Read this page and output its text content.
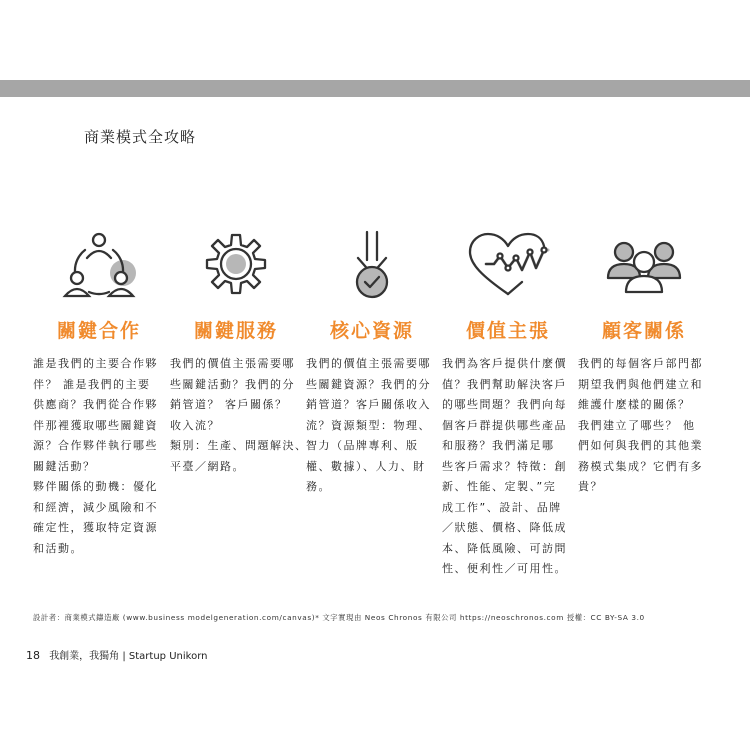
商業模式全攻略
關鍵合作
誰是我們的主要合作夥
伴？ 誰是我們的主要
供應商？我們從合作夥
伴那裡獲取哪些關鍵資
源？合作夥伴執行哪些
關鍵活動？
夥伴關係的動機：優化
和經濟，減少風險和不
確定性，獲取特定資源
和活動。
關鍵服務
我們的價值主張需要哪
些關鍵活動？我們的分
銷管道？ 客戶關係？
收入流？
類別：生產、問題解決、
平臺／網路。
核心資源
我們的價值主張需要哪
些關鍵資源？我們的分
銷管道？客戶關係收入
流？資源類型：物理、
智力（品牌專利、版
權、數據）、人力、財
務。
價值主張
我們為客戶提供什麼價
值？我們幫助解決客戶
的哪些問題？我們向每
個客戶群提供哪些產品
和服務？我們滿足哪
些客戶需求？特徵：創
新、性能、定製、”完
成工作”、設計、品牌
／狀態、價格、降低成
本、降低風險、可訪問
性、便利性／可用性。
顧客關係
我們的每個客戶部門都
期望我們與他們建立和
維護什麼樣的關係？
我們建立了哪些？ 他
們如何與我們的其他業
務模式集成？它們有多
貴？
設計者：商業模式鑄造廠 (www.business modelgeneration.com/canvas)* 文字實現由 Neos Chronos 有限公司 https://neoschronos.com 授權：CC BY-SA 3.0
18 我創業，我獨角 | Startup Unikorn
